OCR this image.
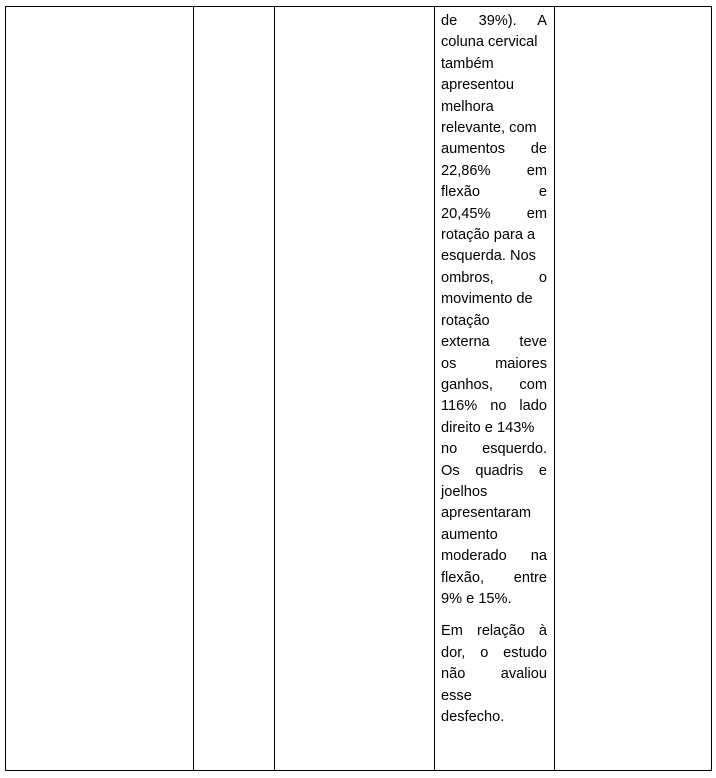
de 39%). A
coluna cervical
também
apresentou
melhora
relevante, com
aumentos de
22,86% em
flexão e
20,45% em
rotação para a
esquerda. Nos
ombros, o
movimento de
rotação
externa teve
os maiores
ganhos, com
116% no lado
direito e 143%
no esquerdo.
Os quadris e
joelhos
apresentaram
aumento
moderado na
flexão, entre
9% e 15%.
Em relação à
dor, o estudo
não avaliou
esse
desfecho.
